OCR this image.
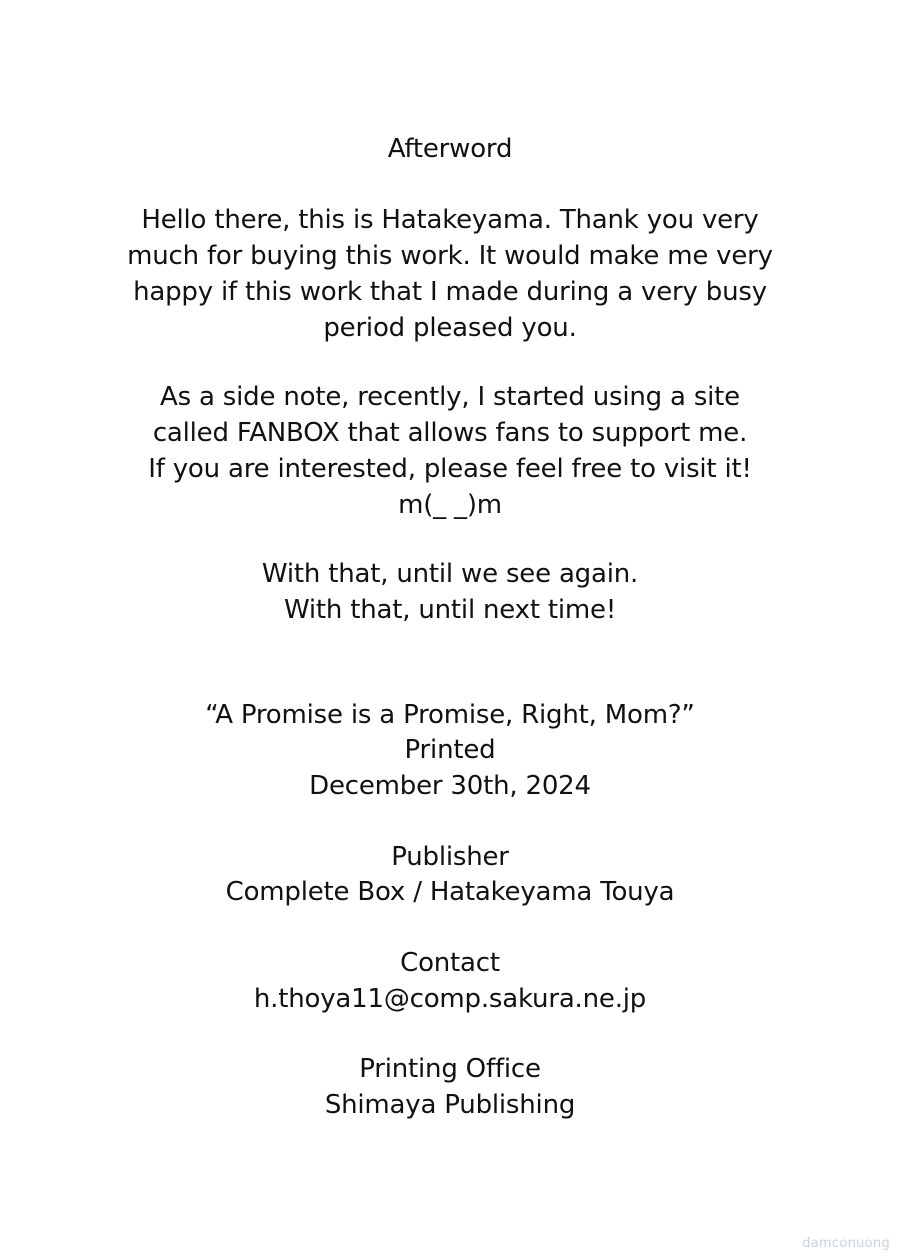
Afterword
Hello there, this is Hatakeyama. Thank you very
much for buying this work. It would make me very
happy if this work that I made during a very busy
period pleased you.
As a side note, recently, I started using a site
called FANBOX that allows fans to support me.
If you are interested, please feel free to visit it!
m(_ _)m
With that, until we see again.
With that, until next time!
“A Promise is a Promise, Right, Mom?”
Printed
December 30th, 2024
Publisher
Complete Box / Hatakeyama Touya
Contact
h.thoya11@comp.sakura.ne.jp
Printing Office
Shimaya Publishing
damconuong
